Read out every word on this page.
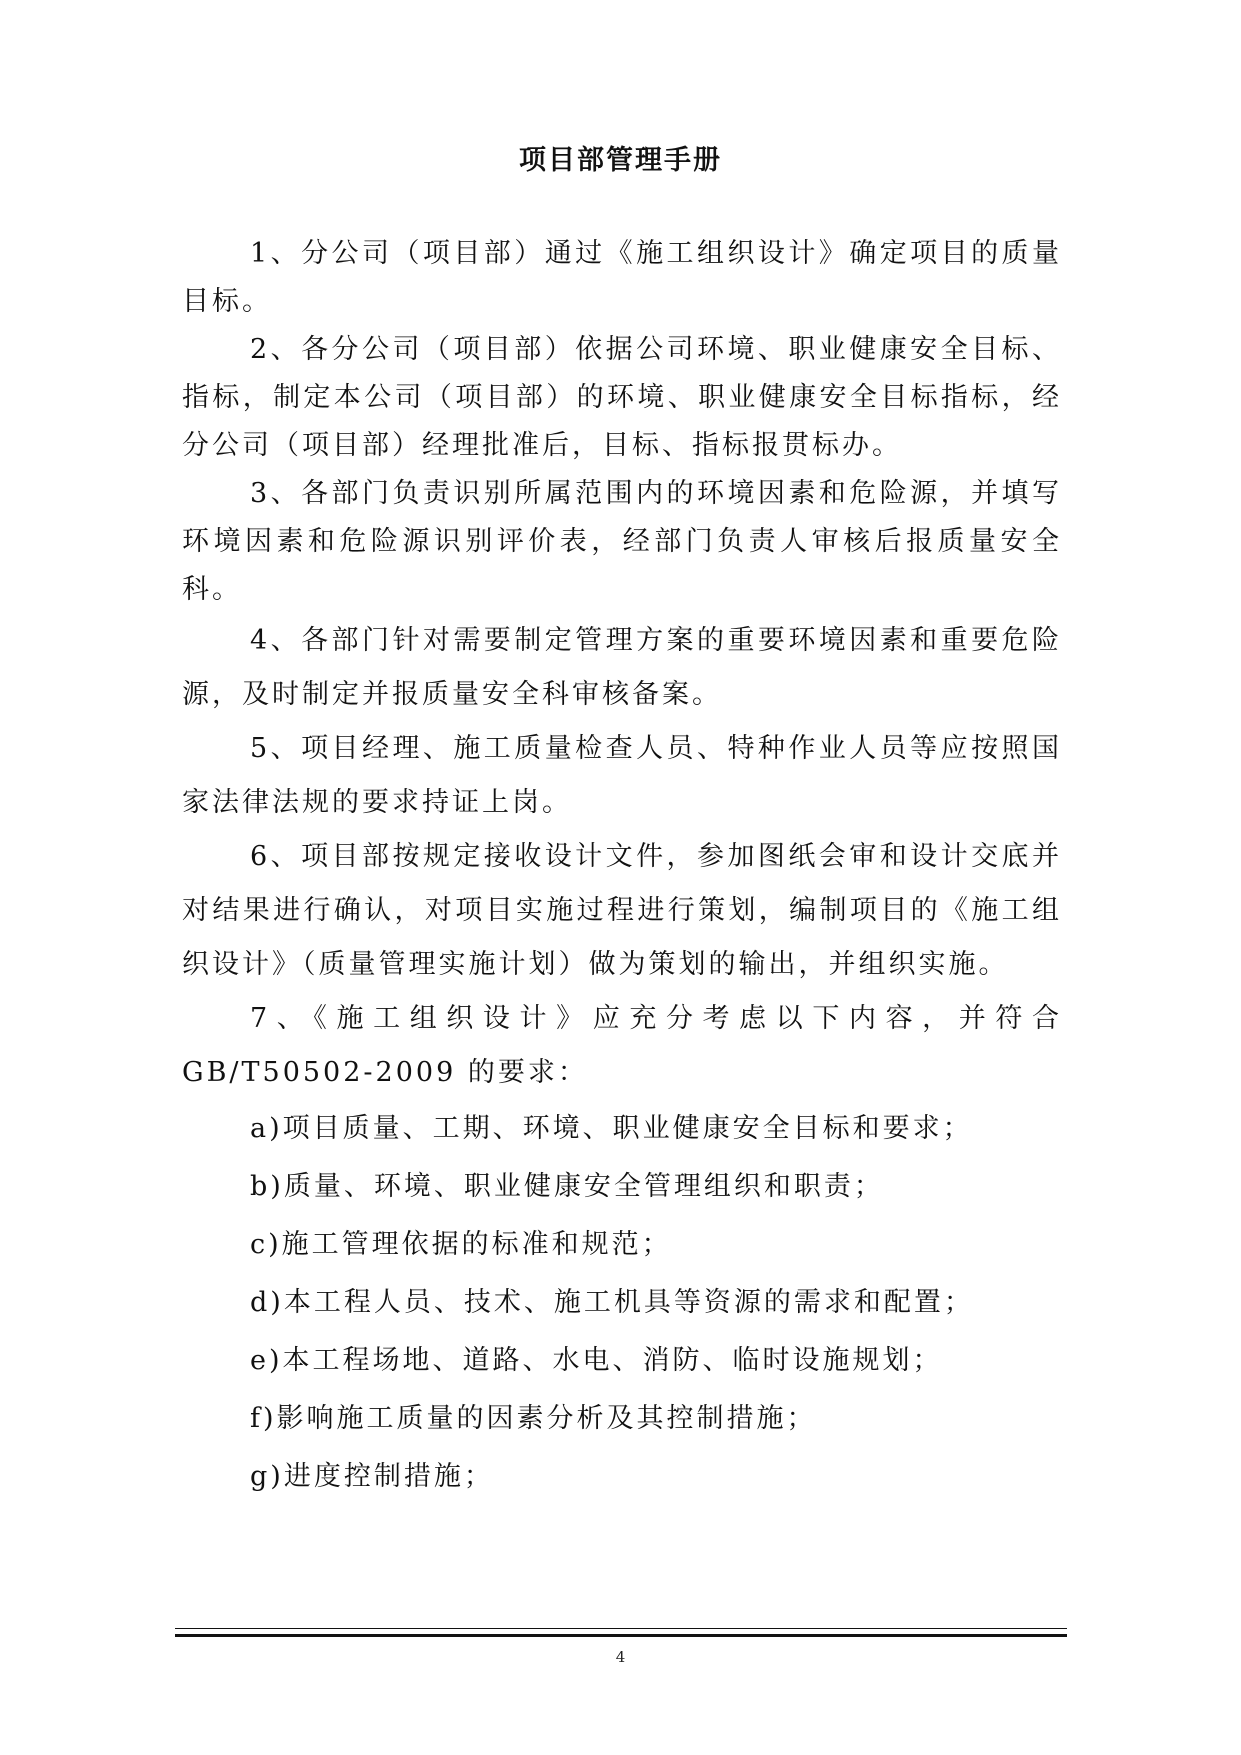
项目部管理手册

1、分公司（项目部）通过《施工组织设计》确定项目的质量目标。

2、各分公司（项目部）依据公司环境、职业健康安全目标、指标，制定本公司（项目部）的环境、职业健康安全目标指标，经分公司（项目部）经理批准后，目标、指标报贯标办。

3、各部门负责识别所属范围内的环境因素和危险源，并填写环境因素和危险源识别评价表，经部门负责人审核后报质量安全科。

4、各部门针对需要制定管理方案的重要环境因素和重要危险源，及时制定并报质量安全科审核备案。

5、项目经理、施工质量检查人员、特种作业人员等应按照国家法律法规的要求持证上岗。

6、项目部按规定接收设计文件，参加图纸会审和设计交底并对结果进行确认，对项目实施过程进行策划，编制项目的《施工组织设计》（质量管理实施计划）做为策划的输出，并组织实施。

7、《施工组织设计》应充分考虑以下内容，并符合

GB/T50502-2009 的要求：

a)项目质量、工期、环境、职业健康安全目标和要求；

b)质量、环境、职业健康安全管理组织和职责；

c)施工管理依据的标准和规范；

d)本工程人员、技术、施工机具等资源的需求和配置；

e)本工程场地、道路、水电、消防、临时设施规划；

f)影响施工质量的因素分析及其控制措施；

g)进度控制措施；

4
